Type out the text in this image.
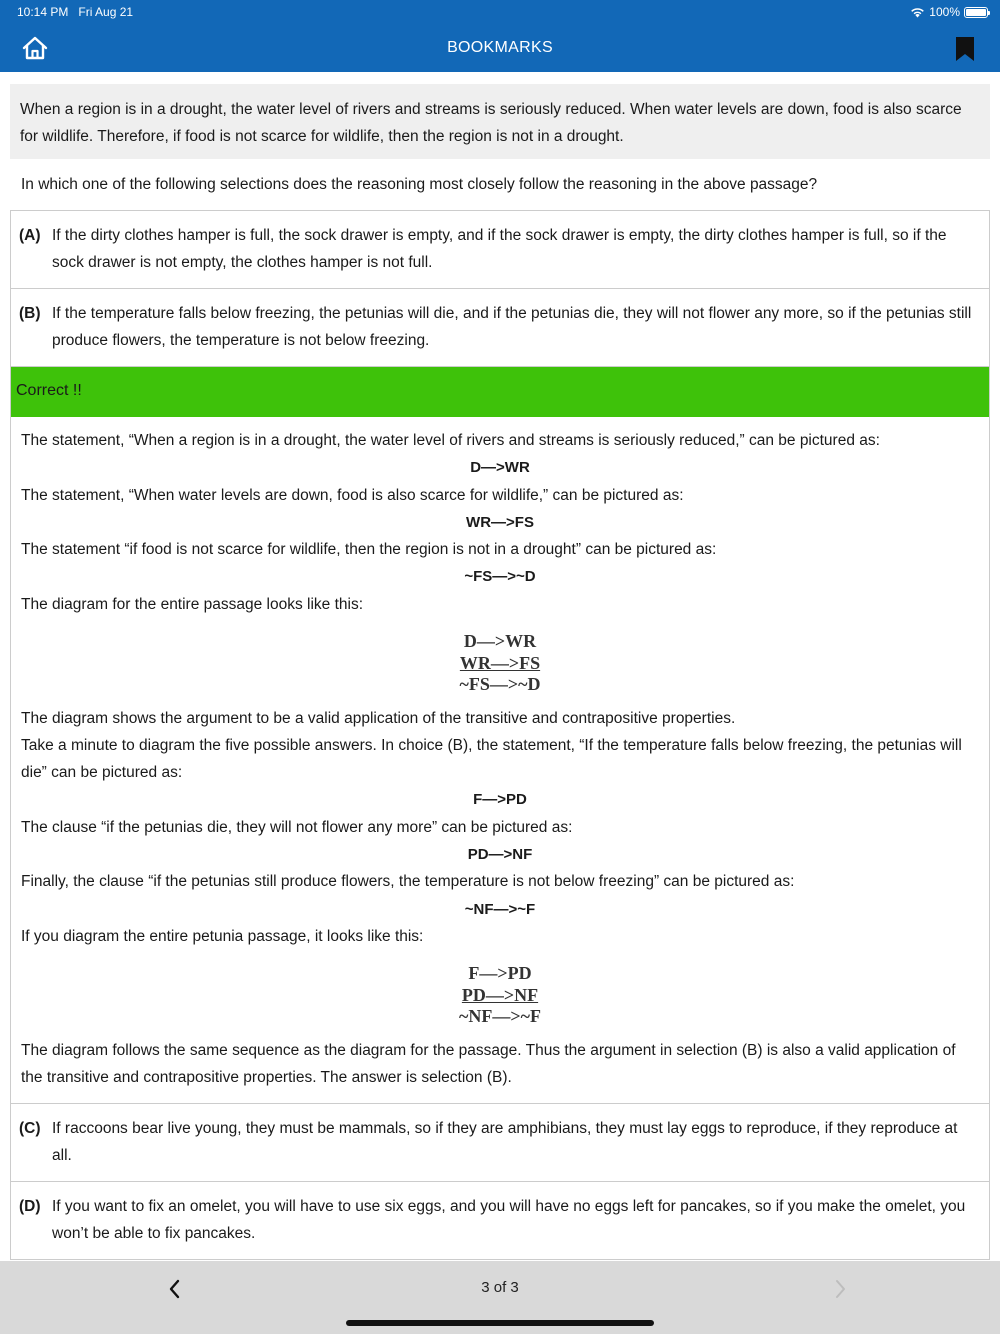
10:14 PM Fri Aug 21	100%
BOOKMARKS
When a region is in a drought, the water level of rivers and streams is seriously reduced. When water levels are down, food is also scarce for wildlife. Therefore, if food is not scarce for wildlife, then the region is not in a drought.
In which one of the following selections does the reasoning most closely follow the reasoning in the above passage?
(A) If the dirty clothes hamper is full, the sock drawer is empty, and if the sock drawer is empty, the dirty clothes hamper is full, so if the sock drawer is not empty, the clothes hamper is not full.
(B) If the temperature falls below freezing, the petunias will die, and if the petunias die, they will not flower any more, so if the petunias still produce flowers, the temperature is not below freezing.
Correct !!
The statement, “When a region is in a drought, the water level of rivers and streams is seriously reduced,” can be pictured as:
D—>WR
The statement, “When water levels are down, food is also scarce for wildlife,” can be pictured as:
WR—>FS
The statement “if food is not scarce for wildlife, then the region is not in a drought” can be pictured as:
~FS—>~D
The diagram for the entire passage looks like this:
D—>WR
WR—>FS
~FS—>~D
The diagram shows the argument to be a valid application of the transitive and contrapositive properties.
Take a minute to diagram the five possible answers. In choice (B), the statement, “If the temperature falls below freezing, the petunias will die” can be pictured as:
F—>PD
The clause “if the petunias die, they will not flower any more” can be pictured as:
PD—>NF
Finally, the clause “if the petunias still produce flowers, the temperature is not below freezing” can be pictured as:
~NF—>~F
If you diagram the entire petunia passage, it looks like this:
F—>PD
PD—>NF
~NF—>~F
The diagram follows the same sequence as the diagram for the passage. Thus the argument in selection (B) is also a valid application of the transitive and contrapositive properties. The answer is selection (B).
(C) If raccoons bear live young, they must be mammals, so if they are amphibians, they must lay eggs to reproduce, if they reproduce at all.
(D) If you want to fix an omelet, you will have to use six eggs, and you will have no eggs left for pancakes, so if you make the omelet, you won’t be able to fix pancakes.
3 of 3
